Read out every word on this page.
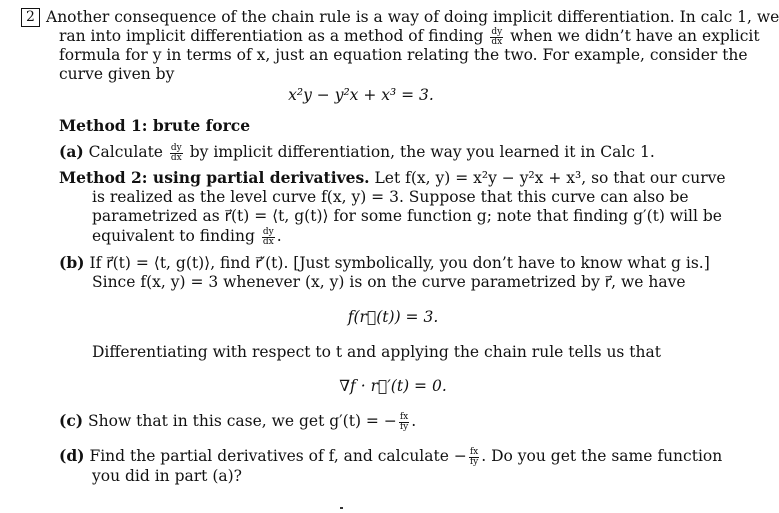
2 Another consequence of the chain rule is a way of doing implicit differentiation. In calc 1, we
ran into implicit differentiation as a method of finding $\frac{dy}{dx}$ when we didn’t have an explicit
formula for y in terms of x, just an equation relating the two. For example, consider the
curve given by
x²y − y²x + x³ = 3.
Method 1: brute force
(a) Calculate $\frac{dy}{dx}$ by implicit differentiation, the way you learned it in Calc 1.
Method 2: using partial derivatives. Let f(x, y) = x²y − y²x + x³, so that our curve
is realized as the level curve f(x, y) = 3. Suppose that this curve can also be
parametrized as r⃗(t) = ⟨t, g(t)⟩ for some function g; note that finding g′(t) will be
equivalent to finding $\frac{dy}{dx}$ .
(b) If r⃗(t) = ⟨t, g(t)⟩, find r⃗′(t). [Just symbolically, you don’t have to know what g is.]
Since f(x, y) = 3 whenever (x, y) is on the curve parametrized by r⃗, we have
f(r⃗(t)) = 3.
Differentiating with respect to t and applying the chain rule tells us that
∇f · r⃗′(t) = 0.
(c) Show that in this case, we get g′(t) = − $\frac{fx}{fy}$ .
(d) Find the partial derivatives of f, and calculate − $\frac{fx}{fy}$ . Do you get the same function
you did in part (a)?
